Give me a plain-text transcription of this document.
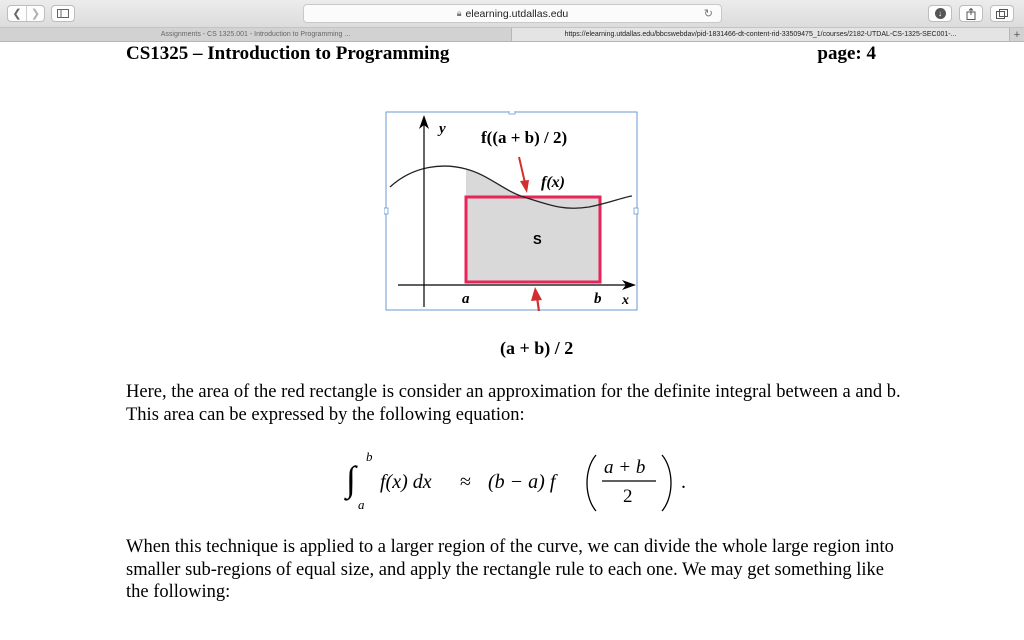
❮ ❯	🔒︎ elearning.utdallas.edu	↻	↓
Assignments - CS 1325.001 - Introduction to Programming ...	https://elearning.utdallas.edu/bbcswebdav/pid-1831466-dt-content-rid-33509475_1/courses/2182-UTDAL-CS-1325-SEC001-...	+
CS1325 – Introduction to Programming	page: 4
y
x
a	b
f((a + b) / 2)
f(x)
S
(a + b) / 2
Here, the area of the red rectangle is consider an approximation for the definite integral between a and b. This area can be expressed by the following equation:
∫
b
a
f(x) dx ≈ (b − a) f
a + b
2
.
When this technique is applied to a larger region of the curve, we can divide the whole large region into smaller sub-regions of equal size, and apply the rectangle rule to each one. We may get something like the following:
